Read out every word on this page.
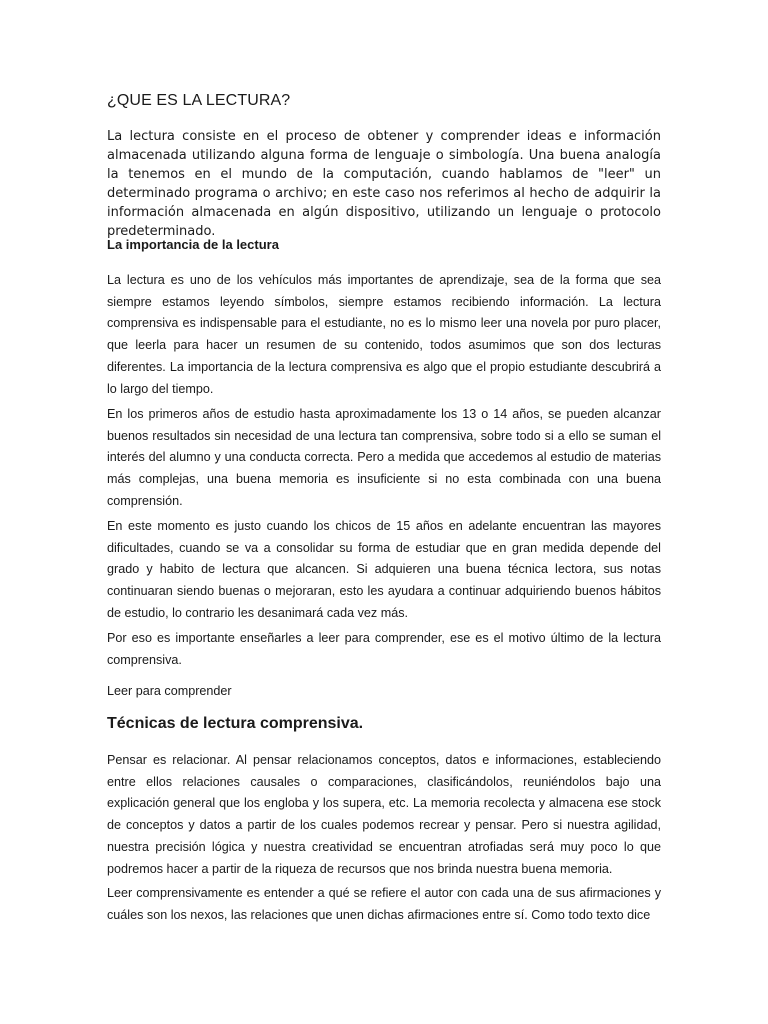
¿QUE ES LA LECTURA?

La lectura consiste en el proceso de obtener y comprender ideas e información almacenada utilizando alguna forma de lenguaje o simbología. Una buena analogía la tenemos en el mundo de la computación, cuando hablamos de "leer" un determinado programa o archivo; en este caso nos referimos al hecho de adquirir la información almacenada en algún dispositivo, utilizando un lenguaje o protocolo predeterminado.

La importancia de la lectura

La lectura es uno de los vehículos más importantes de aprendizaje, sea de la forma que sea siempre estamos leyendo símbolos, siempre estamos recibiendo información. La lectura comprensiva es indispensable para el estudiante, no es lo mismo leer una novela por puro placer, que leerla para hacer un resumen de su contenido, todos asumimos que son dos lecturas diferentes. La importancia de la lectura comprensiva es algo que el propio estudiante descubrirá a lo largo del tiempo.

En los primeros años de estudio hasta aproximadamente los 13 o 14 años, se pueden alcanzar buenos resultados sin necesidad de una lectura tan comprensiva, sobre todo si a ello se suman el interés del alumno y una conducta correcta. Pero a medida que accedemos al estudio de materias más complejas, una buena memoria es insuficiente si no esta combinada con una buena comprensión.

En este momento es justo cuando los chicos de 15 años en adelante encuentran las mayores dificultades, cuando se va a consolidar su forma de estudiar que en gran medida depende del grado y habito de lectura que alcancen. Si adquieren una buena técnica lectora, sus notas continuaran siendo buenas o mejoraran, esto les ayudara a continuar adquiriendo buenos hábitos de estudio, lo contrario les desanimará cada vez más.

Por eso es importante enseñarles a leer para comprender, ese es el motivo último de la lectura comprensiva.

Leer para comprender

Técnicas de lectura comprensiva.

Pensar es relacionar. Al pensar relacionamos conceptos, datos e informaciones, estableciendo entre ellos relaciones causales o comparaciones, clasificándolos, reuniéndolos bajo una explicación general que los engloba y los supera, etc. La memoria recolecta y almacena ese stock de conceptos y datos a partir de los cuales podemos recrear y pensar. Pero si nuestra agilidad, nuestra precisión lógica y nuestra creatividad se encuentran atrofiadas será muy poco lo que podremos hacer a partir de la riqueza de recursos que nos brinda nuestra buena memoria.

Leer comprensivamente es entender a qué se refiere el autor con cada una de sus afirmaciones y cuáles son los nexos, las relaciones que unen dichas afirmaciones entre sí. Como todo texto dice
